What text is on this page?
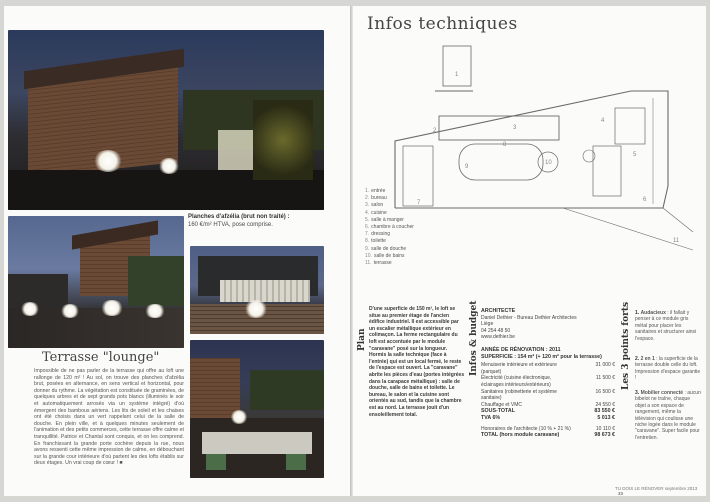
Planches d'afzélia (brut non traité) :
160 €/m² HTVA, pose comprise.
Terrasse "lounge"
Impossible de ne pas parler de la terrasse qui offre au loft une rallonge de 120 m² ! Au sol, on trouve des planches d'afzélia brut, posées en alternance, en sens vertical et horizontal, pour donner du rythme. La végétation est constituée de graminées, de quelques arbres et de sept grands pots blancs (illuminés le soir et automatiquement arrosés via un système intégré) d'où émergent des bambous aériens. Les lits de soleil et les chaises ont été choisis dans un vert rappelant celui de la salle de douche. En plein ville, et à quelques minutes seulement de l'animation et des petits commerces, cette terrasse offre calme et tranquillité. Patrice et Chantal sont conquis, et on les comprend. En franchissant la grande porte cochère depuis la rue, nous avons ressenti cette même impression de calme, en débouchant sur la grande cour intérieure d'où partent les des lofts établis sur deux étages. Un vrai coup de cœur ! ■
Infos techniques
1
2	3
4
5
6
7
8
9
10
11
1. entrée
2. bureau
3. salon
4. cuisine
5. salle à manger
6. chambre à coucher
7. dressing
8. toilette
9. salle de douche
10. salle de bains
11. terrasse
Plan
D'une superficie de 150 m², le loft se situe au premier étage de l'ancien édifice industriel. Il est accessible par un escalier métallique extérieur en colimaçon. La ferme rectangulaire du loft est accentuée par le module "caravane" posé sur la longueur. Hormis la salle technique (face à l'entrée) qui est un local fermé, le reste de l'espace est ouvert. La "caravane" abrite les pièces d'eau (portes intégrées dans la carapace métallique) : salle de douche, salle de bains et toilette. Le bureau, le salon et la cuisine sont orientés au sud, tandis que la chambre est au nord. La terrasse jouit d'un ensoleillement total.
Infos & budget ARCHITECTE
Daniel Dethier - Bureau Dethier Architectes
Liège
04 254 48 50
www.dethier.be
ANNÉE DE RÉNOVATION : 2011
SUPERFICIE : 154 m² (+ 120 m² pour la terrasse)
Menuiserie intérieure et extérieure (parquet)
31 000 €
Électricité (cuisine électronique, éclairages intérieurs/extérieurs)
11 500 €
Sanitaires (robinetterie et système sanitaire)
16 500 €
Chauffage et VMC	24 550 €
SOUS-TOTAL	83 550 €
TVA 6%	5 013 €
Honoraires de l'architecte (10 % + 21 %)	10 110 €
TOTAL (hors module caravane)	98 673 €
Les 3 points forts 1. Audacieux : il fallait y penser à ce module gris métal pour placer les sanitaires et structurer ainsi l'espace.
2. 2 en 1 : la superficie de la terrasse double celle du loft. Impression d'espace garantie !
3. Mobilier connecté : aucun bibelot ne traîne, chaque objet a son espace de rangement, même la télévision qui coulisse une niche logée dans le module "caravane". Super facile pour l'entretien.
TU DOIS LE RÉNOVER septembre 2013 33
